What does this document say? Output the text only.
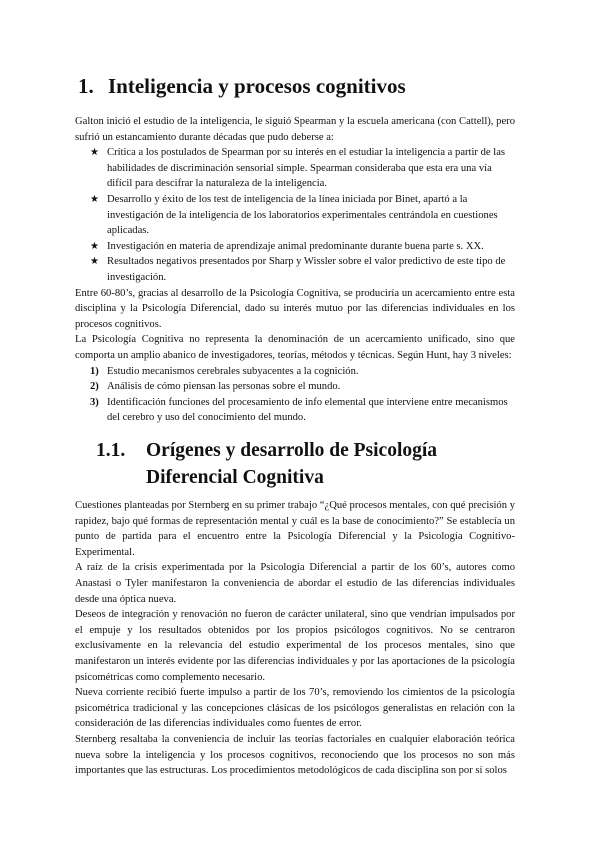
1. Inteligencia y procesos cognitivos

Galton inició el estudio de la inteligencia, le siguió Spearman y la escuela americana (con Cattell), pero sufrió un estancamiento durante décadas que pudo deberse a:

★ Crítica a los postulados de Spearman por su interés en el estudiar la inteligencia a partir de las habilidades de discriminación sensorial simple. Spearman consideraba que esta era una vía difícil para descifrar la naturaleza de la inteligencia.
★ Desarrollo y éxito de los test de inteligencia de la línea iniciada por Binet, apartó a la investigación de la inteligencia de los laboratorios experimentales centrándola en cuestiones aplicadas.
★ Investigación en materia de aprendizaje animal predominante durante buena parte s. XX.
★ Resultados negativos presentados por Sharp y Wissler sobre el valor predictivo de este tipo de investigación.

Entre 60-80’s, gracias al desarrollo de la Psicología Cognitiva, se produciría un acercamiento entre esta disciplina y la Psicología Diferencial, dado su interés mutuo por las diferencias individuales en los procesos cognitivos.

La Psicología Cognitiva no representa la denominación de un acercamiento unificado, sino que comporta un amplio abanico de investigadores, teorías, métodos y técnicas. Según Hunt, hay 3 niveles:

1) Estudio mecanismos cerebrales subyacentes a la cognición.
2) Análisis de cómo piensan las personas sobre el mundo.
3) Identificación funciones del procesamiento de info elemental que interviene entre mecanismos del cerebro y uso del conocimiento del mundo.
1.1. Orígenes y desarrollo de Psicología
Diferencial Cognitiva

Cuestiones planteadas por Sternberg en su primer trabajo “¿Qué procesos mentales, con qué precisión y rapidez, bajo qué formas de representación mental y cuál es la base de conocimiento?” Se establecía un punto de partida para el encuentro entre la Psicología Diferencial y la Psicología Cognitivo-Experimental.

A raíz de la crisis experimentada por la Psicología Diferencial a partir de los 60’s, autores como Anastasi o Tyler manifestaron la conveniencia de abordar el estudio de las diferencias individuales desde una óptica nueva.

Deseos de integración y renovación no fueron de carácter unilateral, sino que vendrían impulsados por el empuje y los resultados obtenidos por los propios psicólogos cognitivos. No se centraron exclusivamente en la relevancia del estudio experimental de los procesos mentales, sino que manifestaron un interés evidente por las diferencias individuales y por las aportaciones de la psicología psicométricas como complemento necesario.

Nueva corriente recibió fuerte impulso a partir de los 70’s, removiendo los cimientos de la psicología psicométrica tradicional y las concepciones clásicas de los psicólogos generalistas en relación con la consideración de las diferencias individuales como fuentes de error.

Sternberg resaltaba la conveniencia de incluir las teorías factoriales en cualquier elaboración teórica nueva sobre la inteligencia y los procesos cognitivos, reconociendo que los procesos no son más importantes que las estructuras. Los procedimientos metodológicos de cada disciplina son por sí solos
